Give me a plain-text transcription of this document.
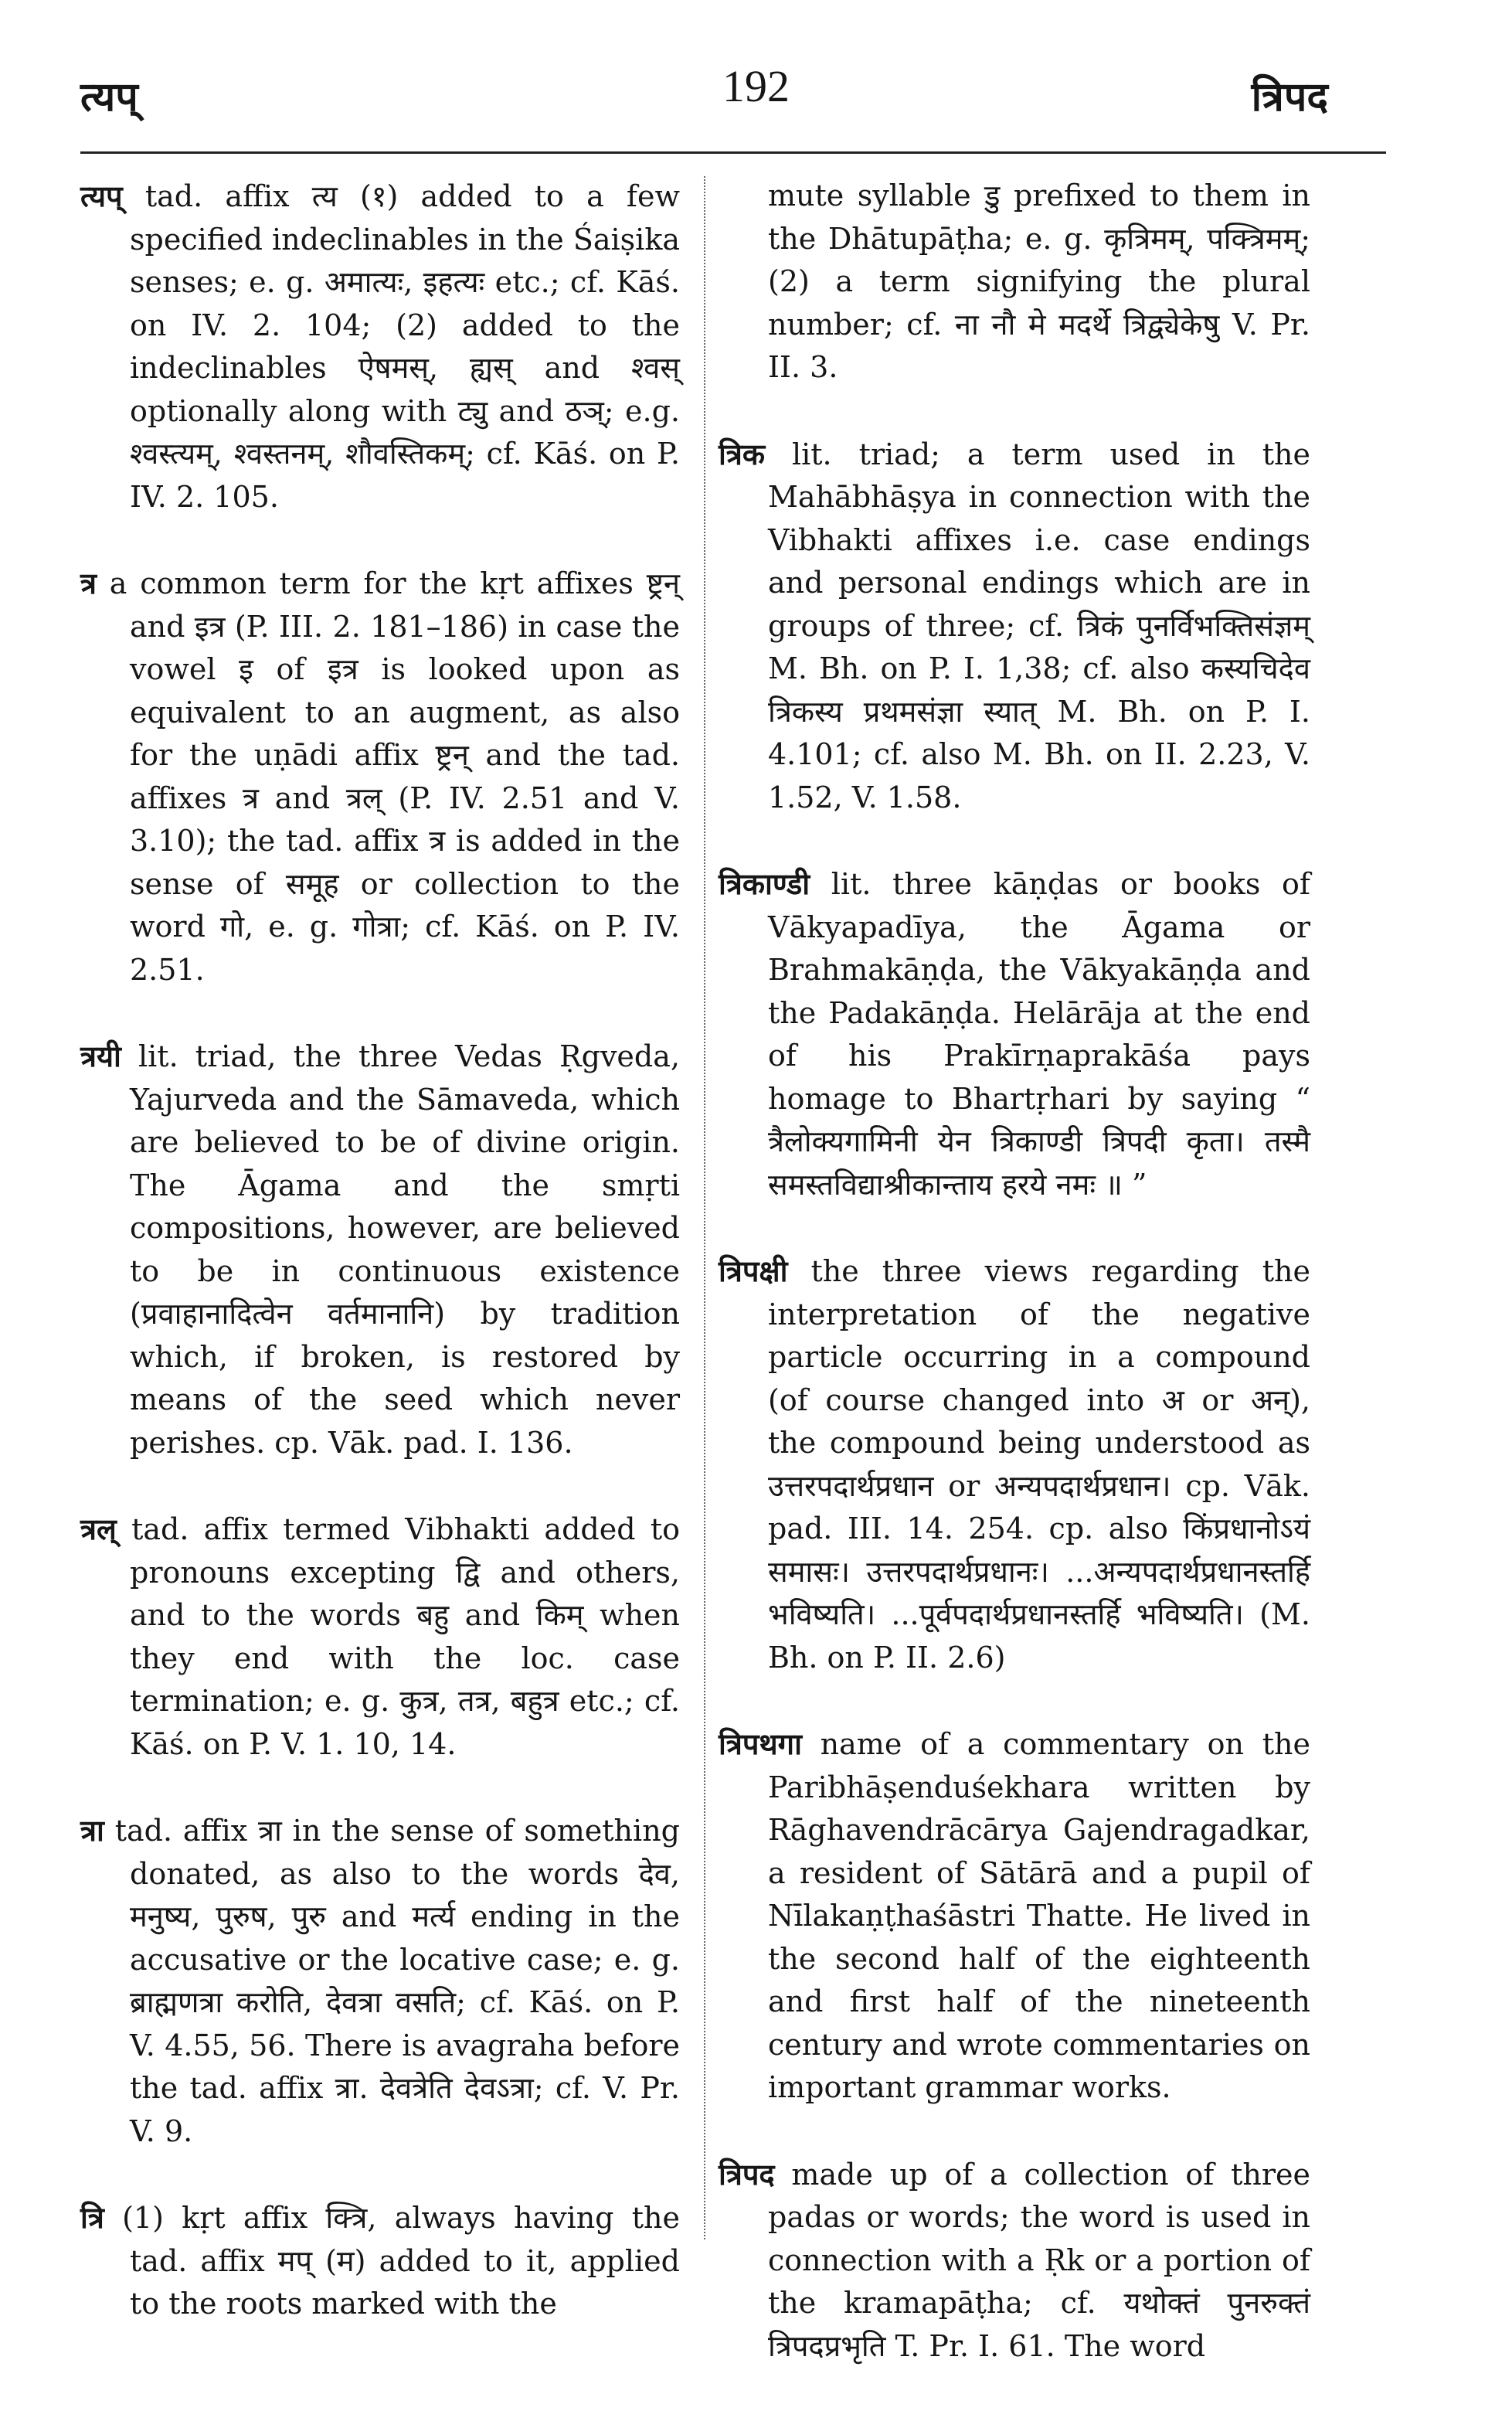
त्यप्	192	त्रिपद

त्यप् tad. affix त्य (१) added to a few specified indeclinables in the Śaiṣika senses; e. g. अमात्यः, इहत्यः etc.; cf. Kāś. on IV. 2. 104; (2) added to the indeclinables ऐषमस्, ह्यस् and श्वस् optionally along with ट्यु and ठञ्; e.g. श्वस्त्यम्, श्वस्तनम्, शौवस्तिकम्; cf. Kāś. on P. IV. 2. 105.

त्र a common term for the kṛt affixes ष्ट्रन् and इत्र (P. III. 2. 181–186) in case the vowel इ of इत्र is looked upon as equivalent to an augment, as also for the uṇādi affix ष्ट्रन् and the tad. affixes त्र and त्रल् (P. IV. 2.51 and V. 3.10); the tad. affix त्र is added in the sense of समूह or collection to the word गो, e. g. गोत्रा; cf. Kāś. on P. IV. 2.51.

त्रयी lit. triad, the three Vedas Ṛgveda, Yajurveda and the Sāmaveda, which are believed to be of divine origin. The Āgama and the smṛti compositions, however, are believed to be in continuous existence (प्रवाहानादित्वेन वर्तमानानि) by tradition which, if broken, is restored by means of the seed which never perishes. cp. Vāk. pad. I. 136.

त्रल् tad. affix termed Vibhakti added to pronouns excepting द्वि and others, and to the words बहु and किम् when they end with the loc. case termination; e. g. कुत्र, तत्र, बहुत्र etc.; cf. Kāś. on P. V. 1. 10, 14.

त्रा tad. affix त्रा in the sense of something donated, as also to the words देव, मनुष्य, पुरुष, पुरु and मर्त्य ending in the accusative or the locative case; e. g. ब्राह्मणत्रा करोति, देवत्रा वसति; cf. Kāś. on P. V. 4.55, 56. There is avagraha before the tad. affix त्रा. देवत्रेति देवऽत्रा; cf. V. Pr. V. 9.

त्रि (1) kṛt affix क्त्रि, always having the tad. affix मप् (म) added to it, applied to the roots marked with the

mute syllable डु prefixed to them in the Dhātupāṭha; e. g. कृत्रिमम्, पक्त्रिमम्; (2) a term signifying the plural number; cf. ना नौ मे मदर्थे त्रिद्व्येकेषु V. Pr. II. 3.

त्रिक lit. triad; a term used in the Mahābhāṣya in connection with the Vibhakti affixes i.e. case endings and personal endings which are in groups of three; cf. त्रिकं पुनर्विभक्तिसंज्ञम् M. Bh. on P. I. 1,38; cf. also कस्यचिदेव त्रिकस्य प्रथमसंज्ञा स्यात् M. Bh. on P. I. 4.101; cf. also M. Bh. on II. 2.23, V. 1.52, V. 1.58.

त्रिकाण्डी lit. three kāṇḍas or books of Vākyapadīya, the Āgama or Brahmakāṇḍa, the Vākyakāṇḍa and the Padakāṇḍa. Helārāja at the end of his Prakīrṇaprakāśa pays homage to Bhartṛhari by saying “ त्रैलोक्यगामिनी येन त्रिकाण्डी त्रिपदी कृता। तस्मै समस्तविद्याश्रीकान्ताय हरये नमः ॥ ”

त्रिपक्षी the three views regarding the interpretation of the negative particle occurring in a compound (of course changed into अ or अन्), the compound being understood as उत्तरपदार्थप्रधान or अन्यपदार्थप्रधान। cp. Vāk. pad. III. 14. 254. cp. also किंप्रधानोऽयं समासः। उत्तरपदार्थप्रधानः। ...अन्यपदार्थप्रधानस्तर्हि भविष्यति। ...पूर्वपदार्थप्रधानस्तर्हि भविष्यति। (M. Bh. on P. II. 2.6)

त्रिपथगा name of a commentary on the Paribhāṣenduśekhara written by Rāghavendrācārya Gajendragadkar, a resident of Sātārā and a pupil of Nīlakaṇṭhaśāstri Thatte. He lived in the second half of the eighteenth and first half of the nineteenth century and wrote commentaries on important grammar works.

त्रिपद made up of a collection of three padas or words; the word is used in connection with a Ṛk or a portion of the kramapāṭha; cf. यथोक्तं पुनरुक्तं त्रिपदप्रभृति T. Pr. I. 61. The word
